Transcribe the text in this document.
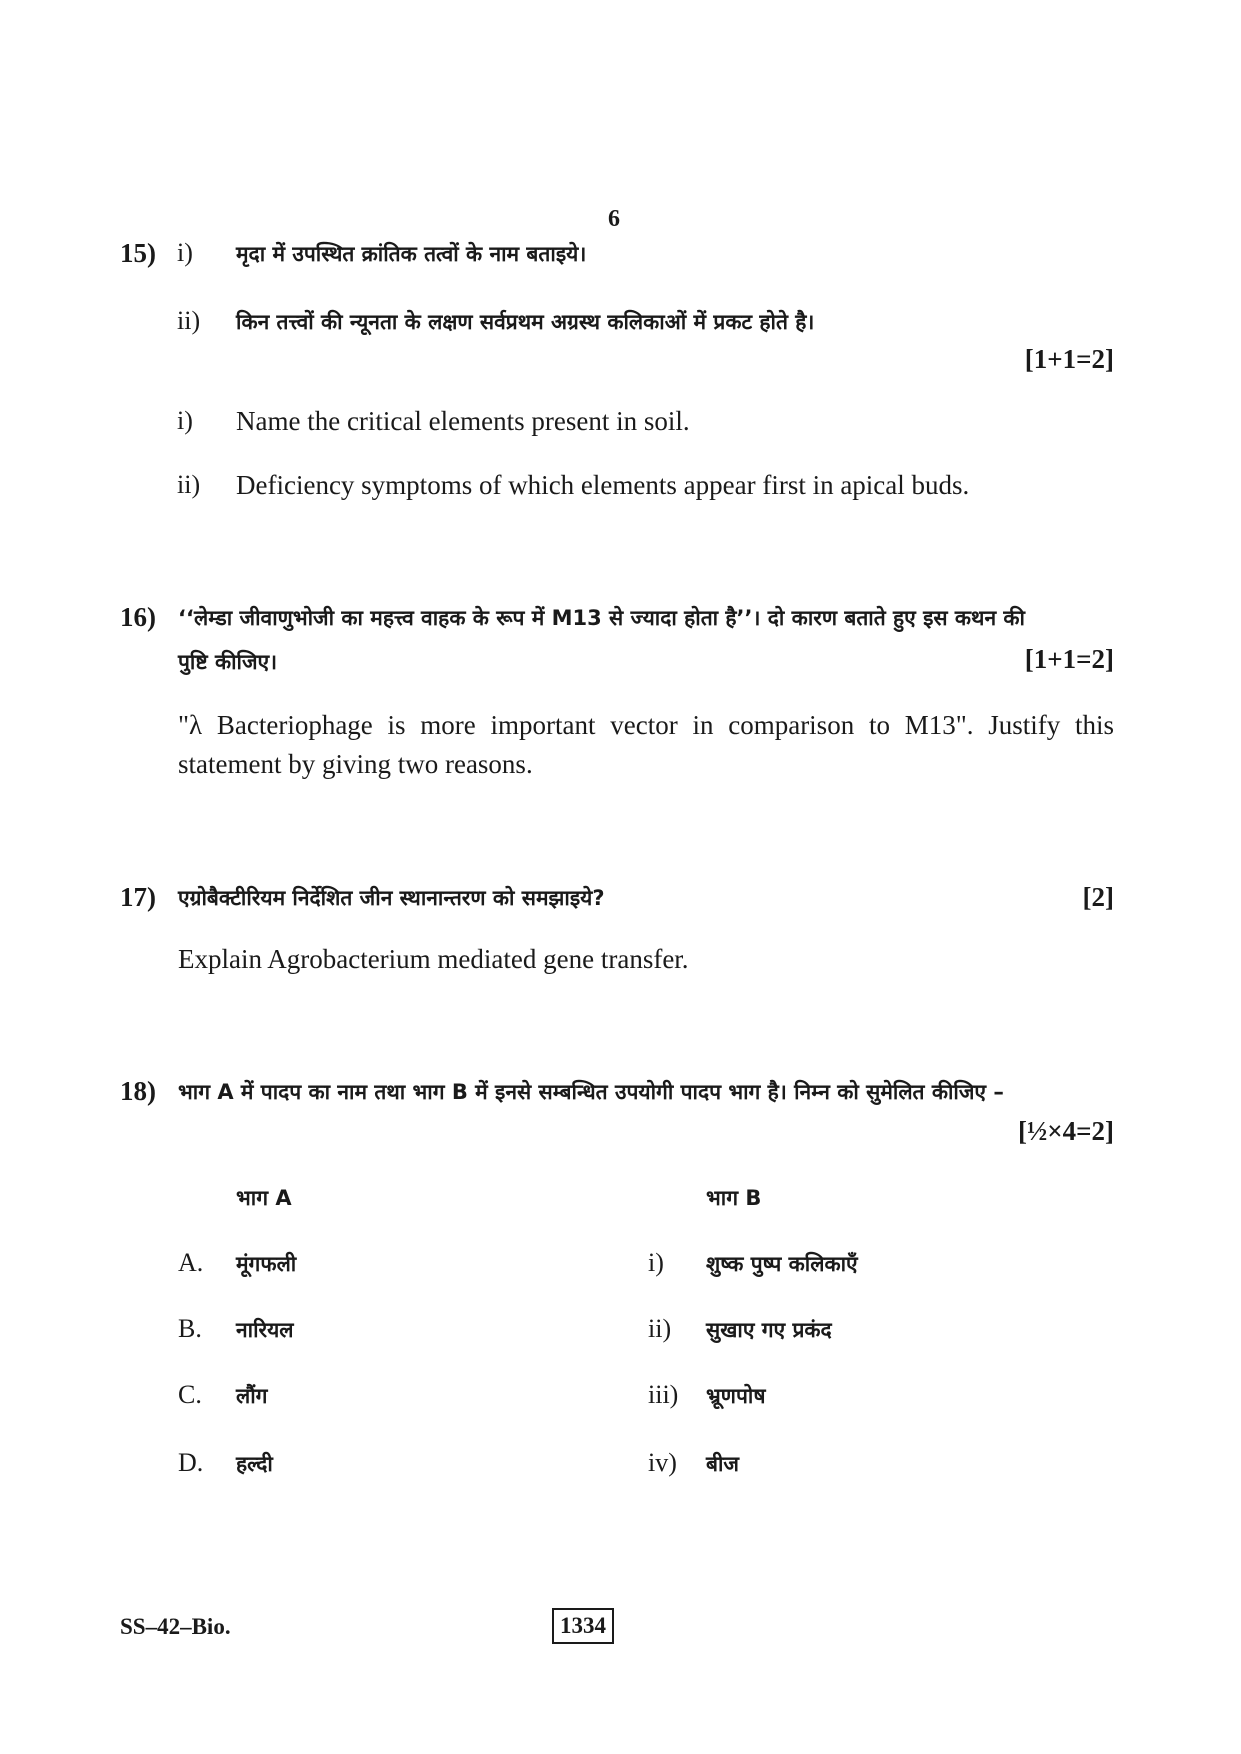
6
15) i) मृदा में उपस्थित क्रांतिक तत्वों के नाम बताइये।
ii) किन तत्त्वों की न्यूनता के लक्षण सर्वप्रथम अग्रस्थ कलिकाओं में प्रकट होते है।
[1+1=2]
i) Name the critical elements present in soil.
ii) Deficiency symptoms of which elements appear first in apical buds.
16) ‘‘लेम्डा जीवाणुभोजी का महत्त्व वाहक के रूप में M13 से ज्यादा होता है’’। दो कारण बताते हुए इस कथन की
पुष्टि कीजिए।	[1+1=2]
"λ Bacteriophage is more important vector in comparison to M13". Justify this statement by giving two reasons.
17) एग्रोबैक्टीरियम निर्देशित जीन स्थानान्तरण को समझाइये?	[2]
Explain Agrobacterium mediated gene transfer.
18) भाग A में पादप का नाम तथा भाग B में इनसे सम्बन्धित उपयोगी पादप भाग है। निम्न को सुमेलित कीजिए –
[½×4=2]
भाग A	भाग B
A. मूंगफली	i) शुष्क पुष्प कलिकाएँ
B. नारियल	ii) सुखाए गए प्रकंद
C. लौंग	iii) भ्रूणपोष
D. हल्दी	iv) बीज
SS–42–Bio.	1334
